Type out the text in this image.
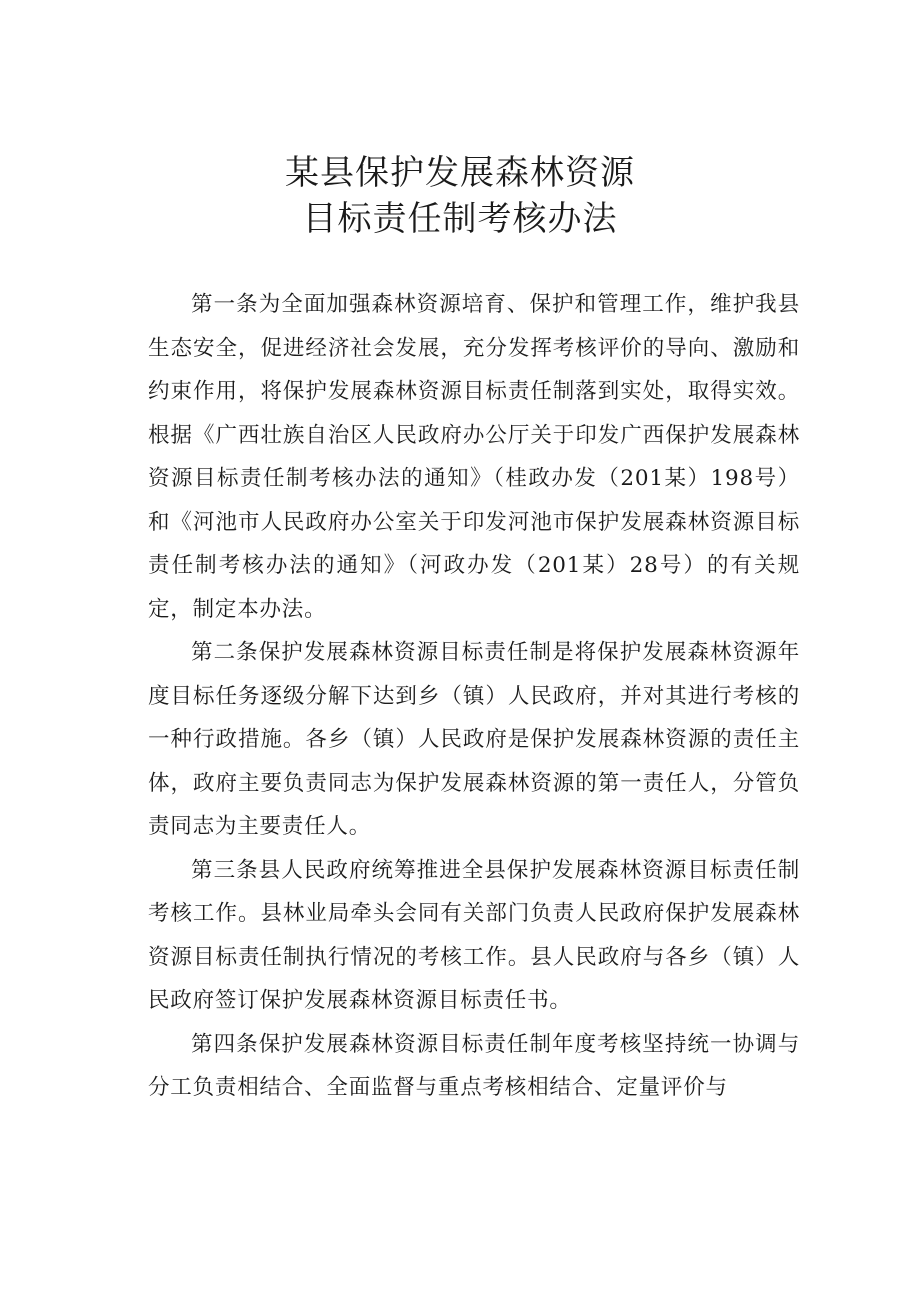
某县保护发展森林资源
目标责任制考核办法

第一条为全面加强森林资源培育、保护和管理工作，维护我县生态安全，促进经济社会发展，充分发挥考核评价的导向、激励和约束作用，将保护发展森林资源目标责任制落到实处，取得实效。根据《广西壮族自治区人民政府办公厅关于印发广西保护发展森林资源目标责任制考核办法的通知》（桂政办发（201某）198号）和《河池市人民政府办公室关于印发河池市保护发展森林资源目标责任制考核办法的通知》（河政办发（201某）28号）的有关规定，制定本办法。

第二条保护发展森林资源目标责任制是将保护发展森林资源年度目标任务逐级分解下达到乡（镇）人民政府，并对其进行考核的一种行政措施。各乡（镇）人民政府是保护发展森林资源的责任主体，政府主要负责同志为保护发展森林资源的第一责任人，分管负责同志为主要责任人。

第三条县人民政府统筹推进全县保护发展森林资源目标责任制考核工作。县林业局牵头会同有关部门负责人民政府保护发展森林资源目标责任制执行情况的考核工作。县人民政府与各乡（镇）人民政府签订保护发展森林资源目标责任书。

第四条保护发展森林资源目标责任制年度考核坚持统一协调与分工负责相结合、全面监督与重点考核相结合、定量评价与
